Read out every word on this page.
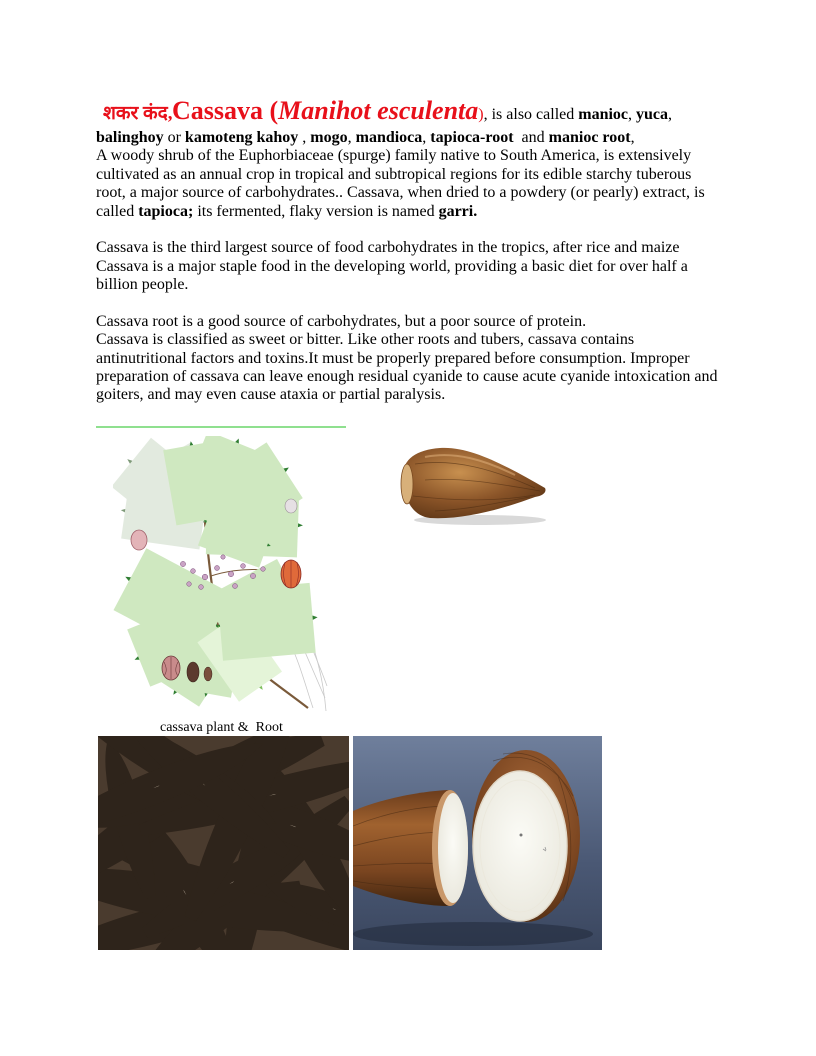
शकर कंद,Cassava (Manihot esculenta), is also called manioc, yuca,
balinghoy or kamoteng kahoy , mogo, mandioca, tapioca-root  and manioc root,
A woody shrub of the Euphorbiaceae (spurge) family native to South America, is extensively
cultivated as an annual crop in tropical and subtropical regions for its edible starchy tuberous
root, a major source of carbohydrates.. Cassava, when dried to a powdery (or pearly) extract, is
called tapioca; its fermented, flaky version is named garri.
Cassava is the third largest source of food carbohydrates in the tropics, after rice and maize
Cassava is a major staple food in the developing world, providing a basic diet for over half a
billion people.
Cassava root is a good source of carbohydrates, but a poor source of protein.
Cassava is classified as sweet or bitter. Like other roots and tubers, cassava contains
antinutritional factors and toxins.It must be properly prepared before consumption. Improper
preparation of cassava can leave enough residual cyanide to cause acute cyanide intoxication and
goiters, and may even cause ataxia or partial paralysis.
cassava plant &  Root
